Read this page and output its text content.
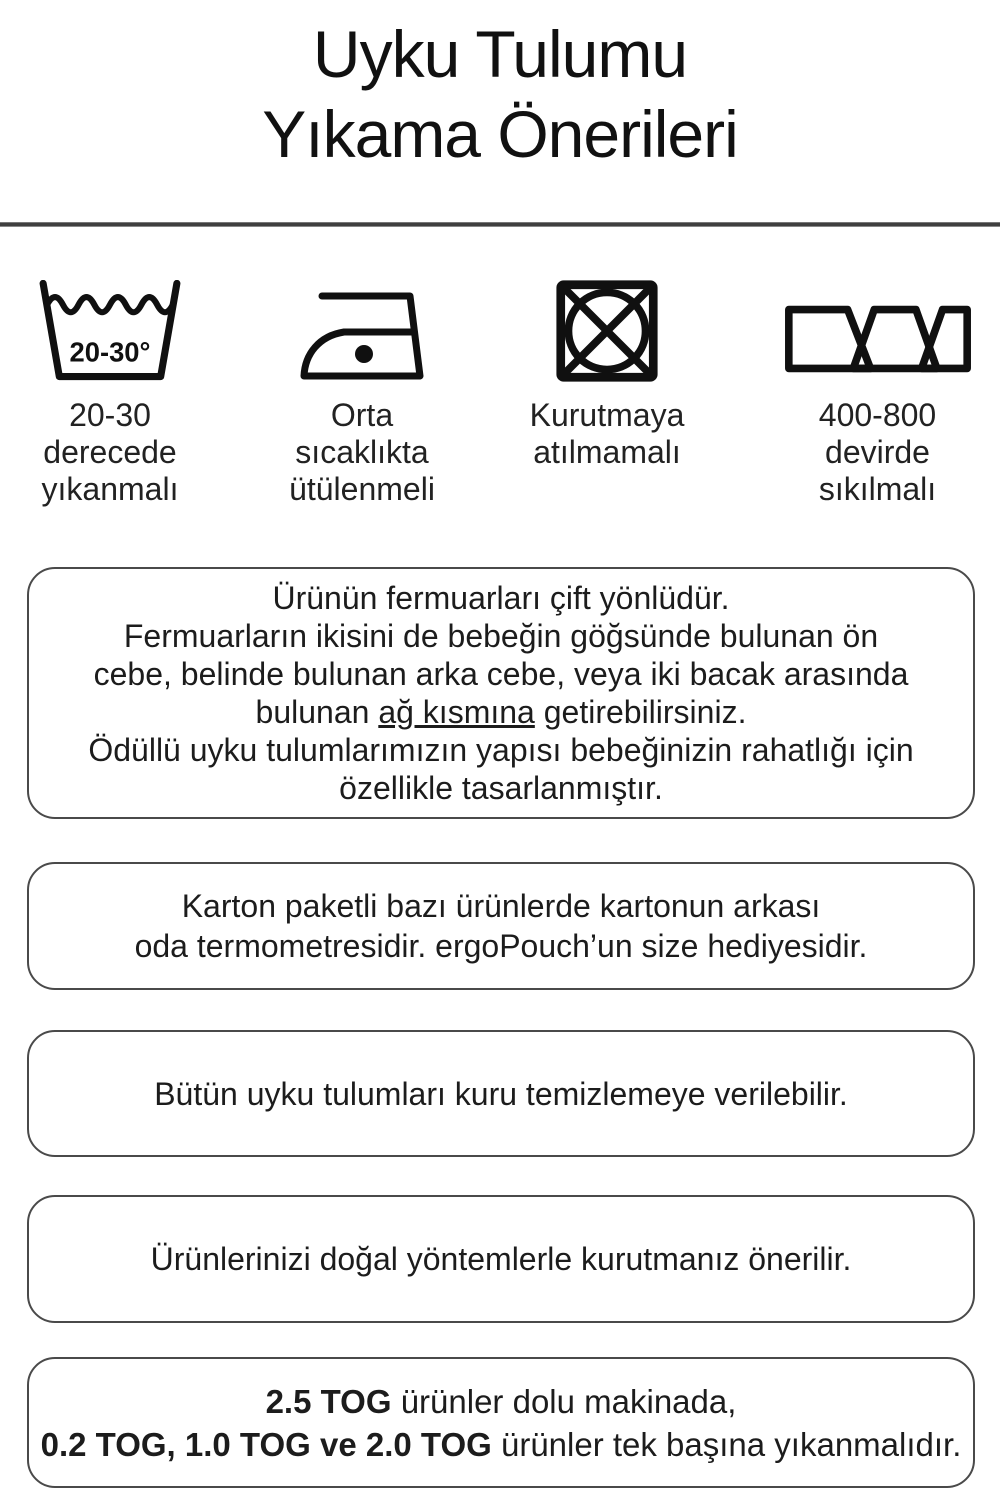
Uyku Tulumu
Yıkama Önerileri
20-30°
20-30
derecede
yıkanmalı
Orta
sıcaklıkta
ütülenmeli
Kurutmaya
atılmamalı
400-800
devirde
sıkılmalı
Ürünün fermuarları çift yönlüdür.
Fermuarların ikisini de bebeğin göğsünde bulunan ön
cebe, belinde bulunan arka cebe, veya iki bacak arasında
bulunan ağ kısmına getirebilirsiniz.
Ödüllü uyku tulumlarımızın yapısı bebeğinizin rahatlığı için
özellikle tasarlanmıştır.
Karton paketli bazı ürünlerde kartonun arkası
oda termometresidir. ergoPouch’un size hediyesidir.
Bütün uyku tulumları kuru temizlemeye verilebilir.
Ürünlerinizi doğal yöntemlerle kurutmanız önerilir.
2.5 TOG ürünler dolu makinada,
0.2 TOG, 1.0 TOG ve 2.0 TOG ürünler tek başına yıkanmalıdır.
